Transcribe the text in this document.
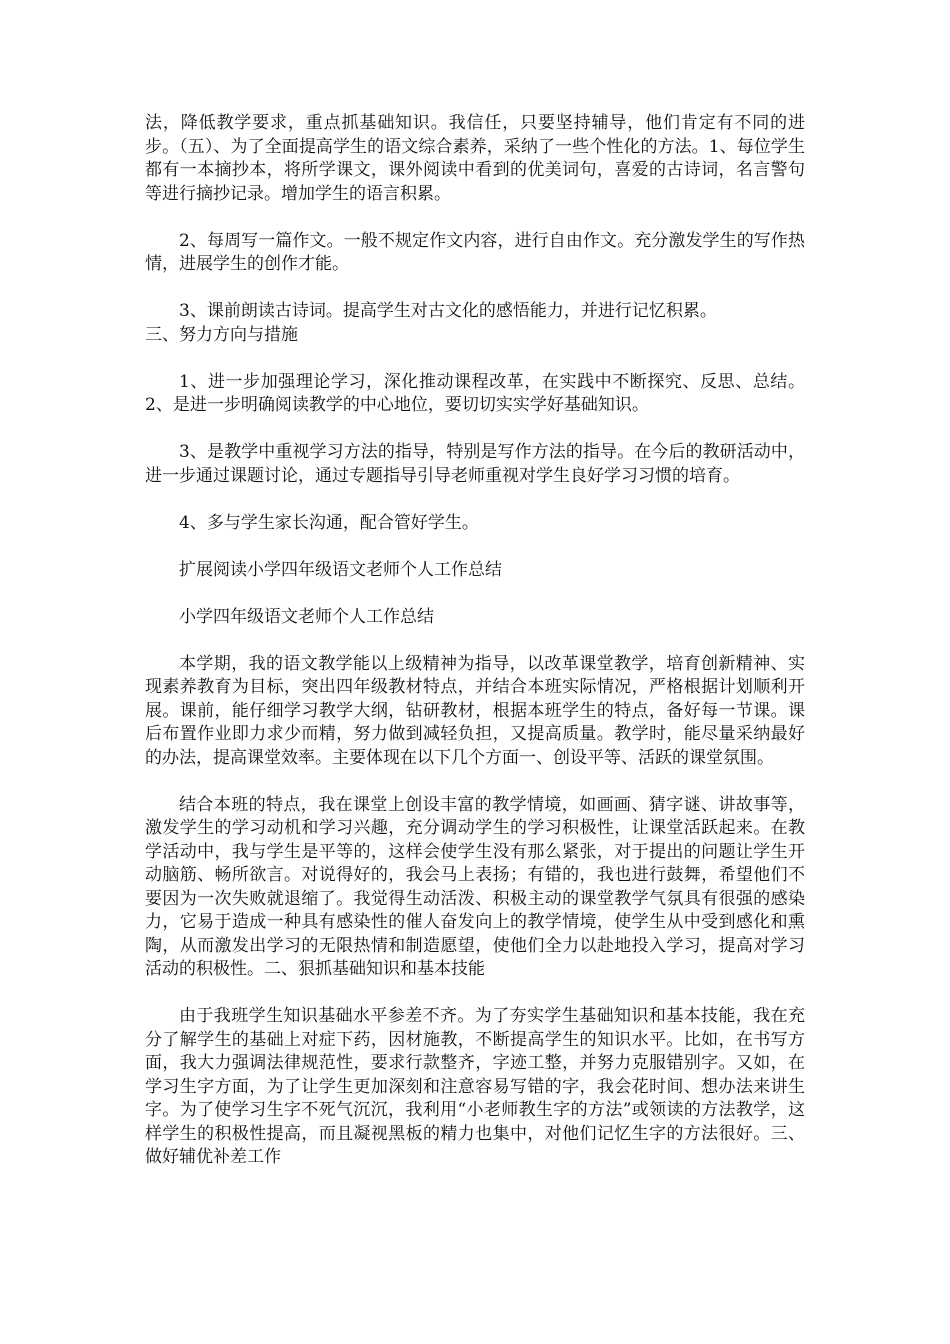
法，降低教学要求，重点抓基础知识。我信任，只要坚持辅导，他们肯定有不同的进步。（五）、为了全面提高学生的语文综合素养，采纳了一些个性化的方法。1、每位学生都有一本摘抄本，将所学课文，课外阅读中看到的优美词句，喜爱的古诗词，名言警句等进行摘抄记录。增加学生的语言积累。

2、每周写一篇作文。一般不规定作文内容，进行自由作文。充分激发学生的写作热情，进展学生的创作才能。

3、课前朗读古诗词。提高学生对古文化的感悟能力，并进行记忆积累。

三、努力方向与措施

1、进一步加强理论学习，深化推动课程改革，在实践中不断探究、反思、总结。2、是进一步明确阅读教学的中心地位，要切切实实学好基础知识。

3、是教学中重视学习方法的指导，特别是写作方法的指导。在今后的教研活动中，进一步通过课题讨论，通过专题指导引导老师重视对学生良好学习习惯的培育。

4、多与学生家长沟通，配合管好学生。

扩展阅读小学四年级语文老师个人工作总结

小学四年级语文老师个人工作总结

本学期，我的语文教学能以上级精神为指导，以改革课堂教学，培育创新精神、实现素养教育为目标，突出四年级教材特点，并结合本班实际情况，严格根据计划顺利开展。课前，能仔细学习教学大纲，钻研教材，根据本班学生的特点，备好每一节课。课后布置作业即力求少而精，努力做到减轻负担，又提高质量。教学时，能尽量采纳最好的办法，提高课堂效率。主要体现在以下几个方面一、创设平等、活跃的课堂氛围。

结合本班的特点，我在课堂上创设丰富的教学情境，如画画、猜字谜、讲故事等，激发学生的学习动机和学习兴趣，充分调动学生的学习积极性，让课堂活跃起来。在教学活动中，我与学生是平等的，这样会使学生没有那么紧张，对于提出的问题让学生开动脑筋、畅所欲言。对说得好的，我会马上表扬；有错的，我也进行鼓舞，希望他们不要因为一次失败就退缩了。我觉得生动活泼、积极主动的课堂教学气氛具有很强的感染力，它易于造成一种具有感染性的催人奋发向上的教学情境，使学生从中受到感化和熏陶，从而激发出学习的无限热情和制造愿望，使他们全力以赴地投入学习，提高对学习活动的积极性。二、狠抓基础知识和基本技能

由于我班学生知识基础水平参差不齐。为了夯实学生基础知识和基本技能，我在充分了解学生的基础上对症下药，因材施教，不断提高学生的知识水平。比如，在书写方面，我大力强调法律规范性，要求行款整齐，字迹工整，并努力克服错别字。又如，在学习生字方面，为了让学生更加深刻和注意容易写错的字，我会花时间、想办法来讲生字。为了使学习生字不死气沉沉，我利用“小老师教生字的方法”或领读的方法教学，这样学生的积极性提高，而且凝视黑板的精力也集中，对他们记忆生字的方法很好。三、做好辅优补差工作
